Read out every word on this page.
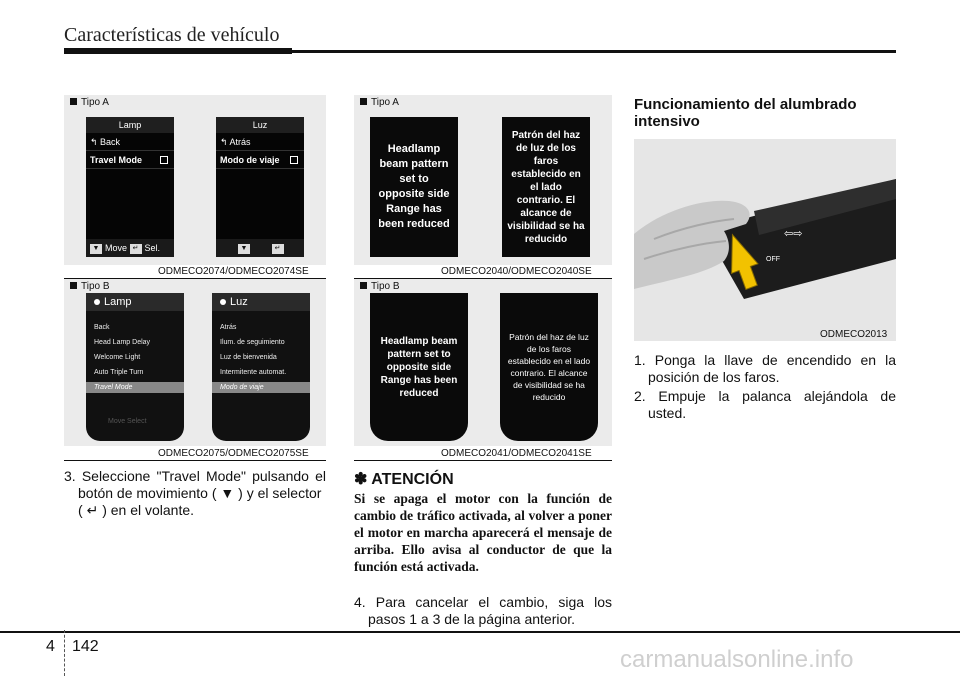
Características de vehículo
Tipo A
Lamp
↰ Back
Travel Mode
▼ Move ↵ Sel.
Luz
↰ Atrás
Modo de viaje
▼	↵
ODMECO2074/ODMECO2074SE
Tipo B
Lamp
Back
Head Lamp Delay
Welcome Light
Auto Triple Turn
Travel Mode
Move Select
Luz
Atrás
Ilum. de seguimiento
Luz de bienvenida
Intermitente automat.
Modo de viaje
ODMECO2075/ODMECO2075SE
3. Seleccione "Travel Mode" pulsando el
botón de movimiento ( ▼ ) y el selector
( ↵ ) en el volante.
Tipo A
Headlamp beam pattern set to opposite side Range has been reduced
Patrón del haz de luz de los faros establecido en el lado contrario. El alcance de visibilidad se ha reducido
ODMECO2040/ODMECO2040SE
Tipo B
Headlamp beam pattern set to opposite side Range has been reduced
Patrón del haz de luz de los faros establecido en el lado contrario. El alcance de visibilidad se ha reducido
ODMECO2041/ODMECO2041SE
✽ ATENCIÓN
Si se apaga el motor con la función de cambio de tráfico activada, al volver a poner el motor en marcha aparecerá el mensaje de arriba. Ello avisa al conductor de que la función está activada.
4. Para cancelar el cambio, siga los
pasos 1 a 3 de la página anterior.
Funcionamiento del alumbrado intensivo
⇦⇨
OFF
ODMECO2013
1. Ponga la llave de encendido en la
posición de los faros.
2. Empuje la palanca alejándola de
usted.
4 142	carmanualsonline.info
